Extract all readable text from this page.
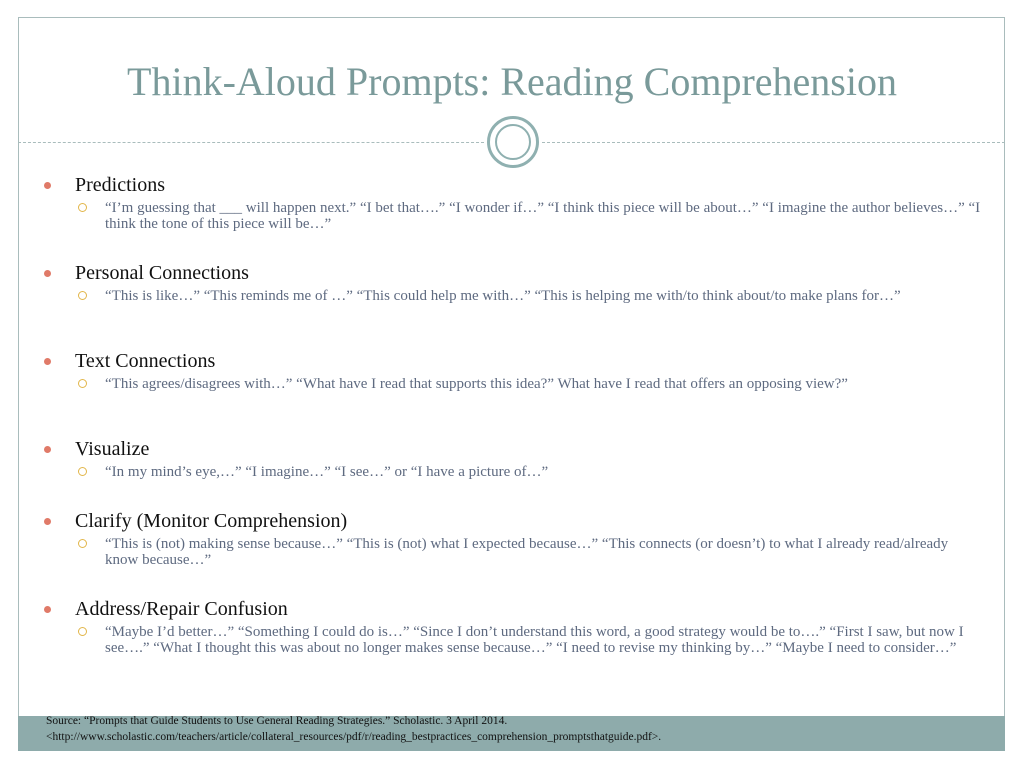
Think-Aloud Prompts: Reading Comprehension
Predictions
“I’m guessing that ___ will happen next.” “I bet that….” “I wonder if…” “I think this piece will be about…” “I imagine the author believes…” “I think the tone of this piece will be…”
Personal Connections
“This is like…” “This reminds me of …” “This could help me with…” “This is helping me with/to think about/to make plans for…”
Text Connections
“This agrees/disagrees with…” “What have I read that supports this idea?” What have I read that offers an opposing view?”
Visualize
“In my mind’s eye,…” “I imagine…” “I see…” or “I have a picture of…”
Clarify (Monitor Comprehension)
“This is (not) making sense because…” “This is (not) what I expected because…” “This connects (or doesn’t) to what I already read/already know because…”
Address/Repair Confusion
“Maybe I’d better…” “Something I could do is…” “Since I don’t understand this word, a good strategy would be to….” “First I saw, but now I see….” “What I thought this was about no longer makes sense because…” “I need to revise my thinking by…” “Maybe I need to consider…”
Source: “Prompts that Guide Students to Use General Reading Strategies.” Scholastic. 3 April 2014.
<http://www.scholastic.com/teachers/article/collateral_resources/pdf/r/reading_bestpractices_comprehension_promptsthatguide.pdf>.
